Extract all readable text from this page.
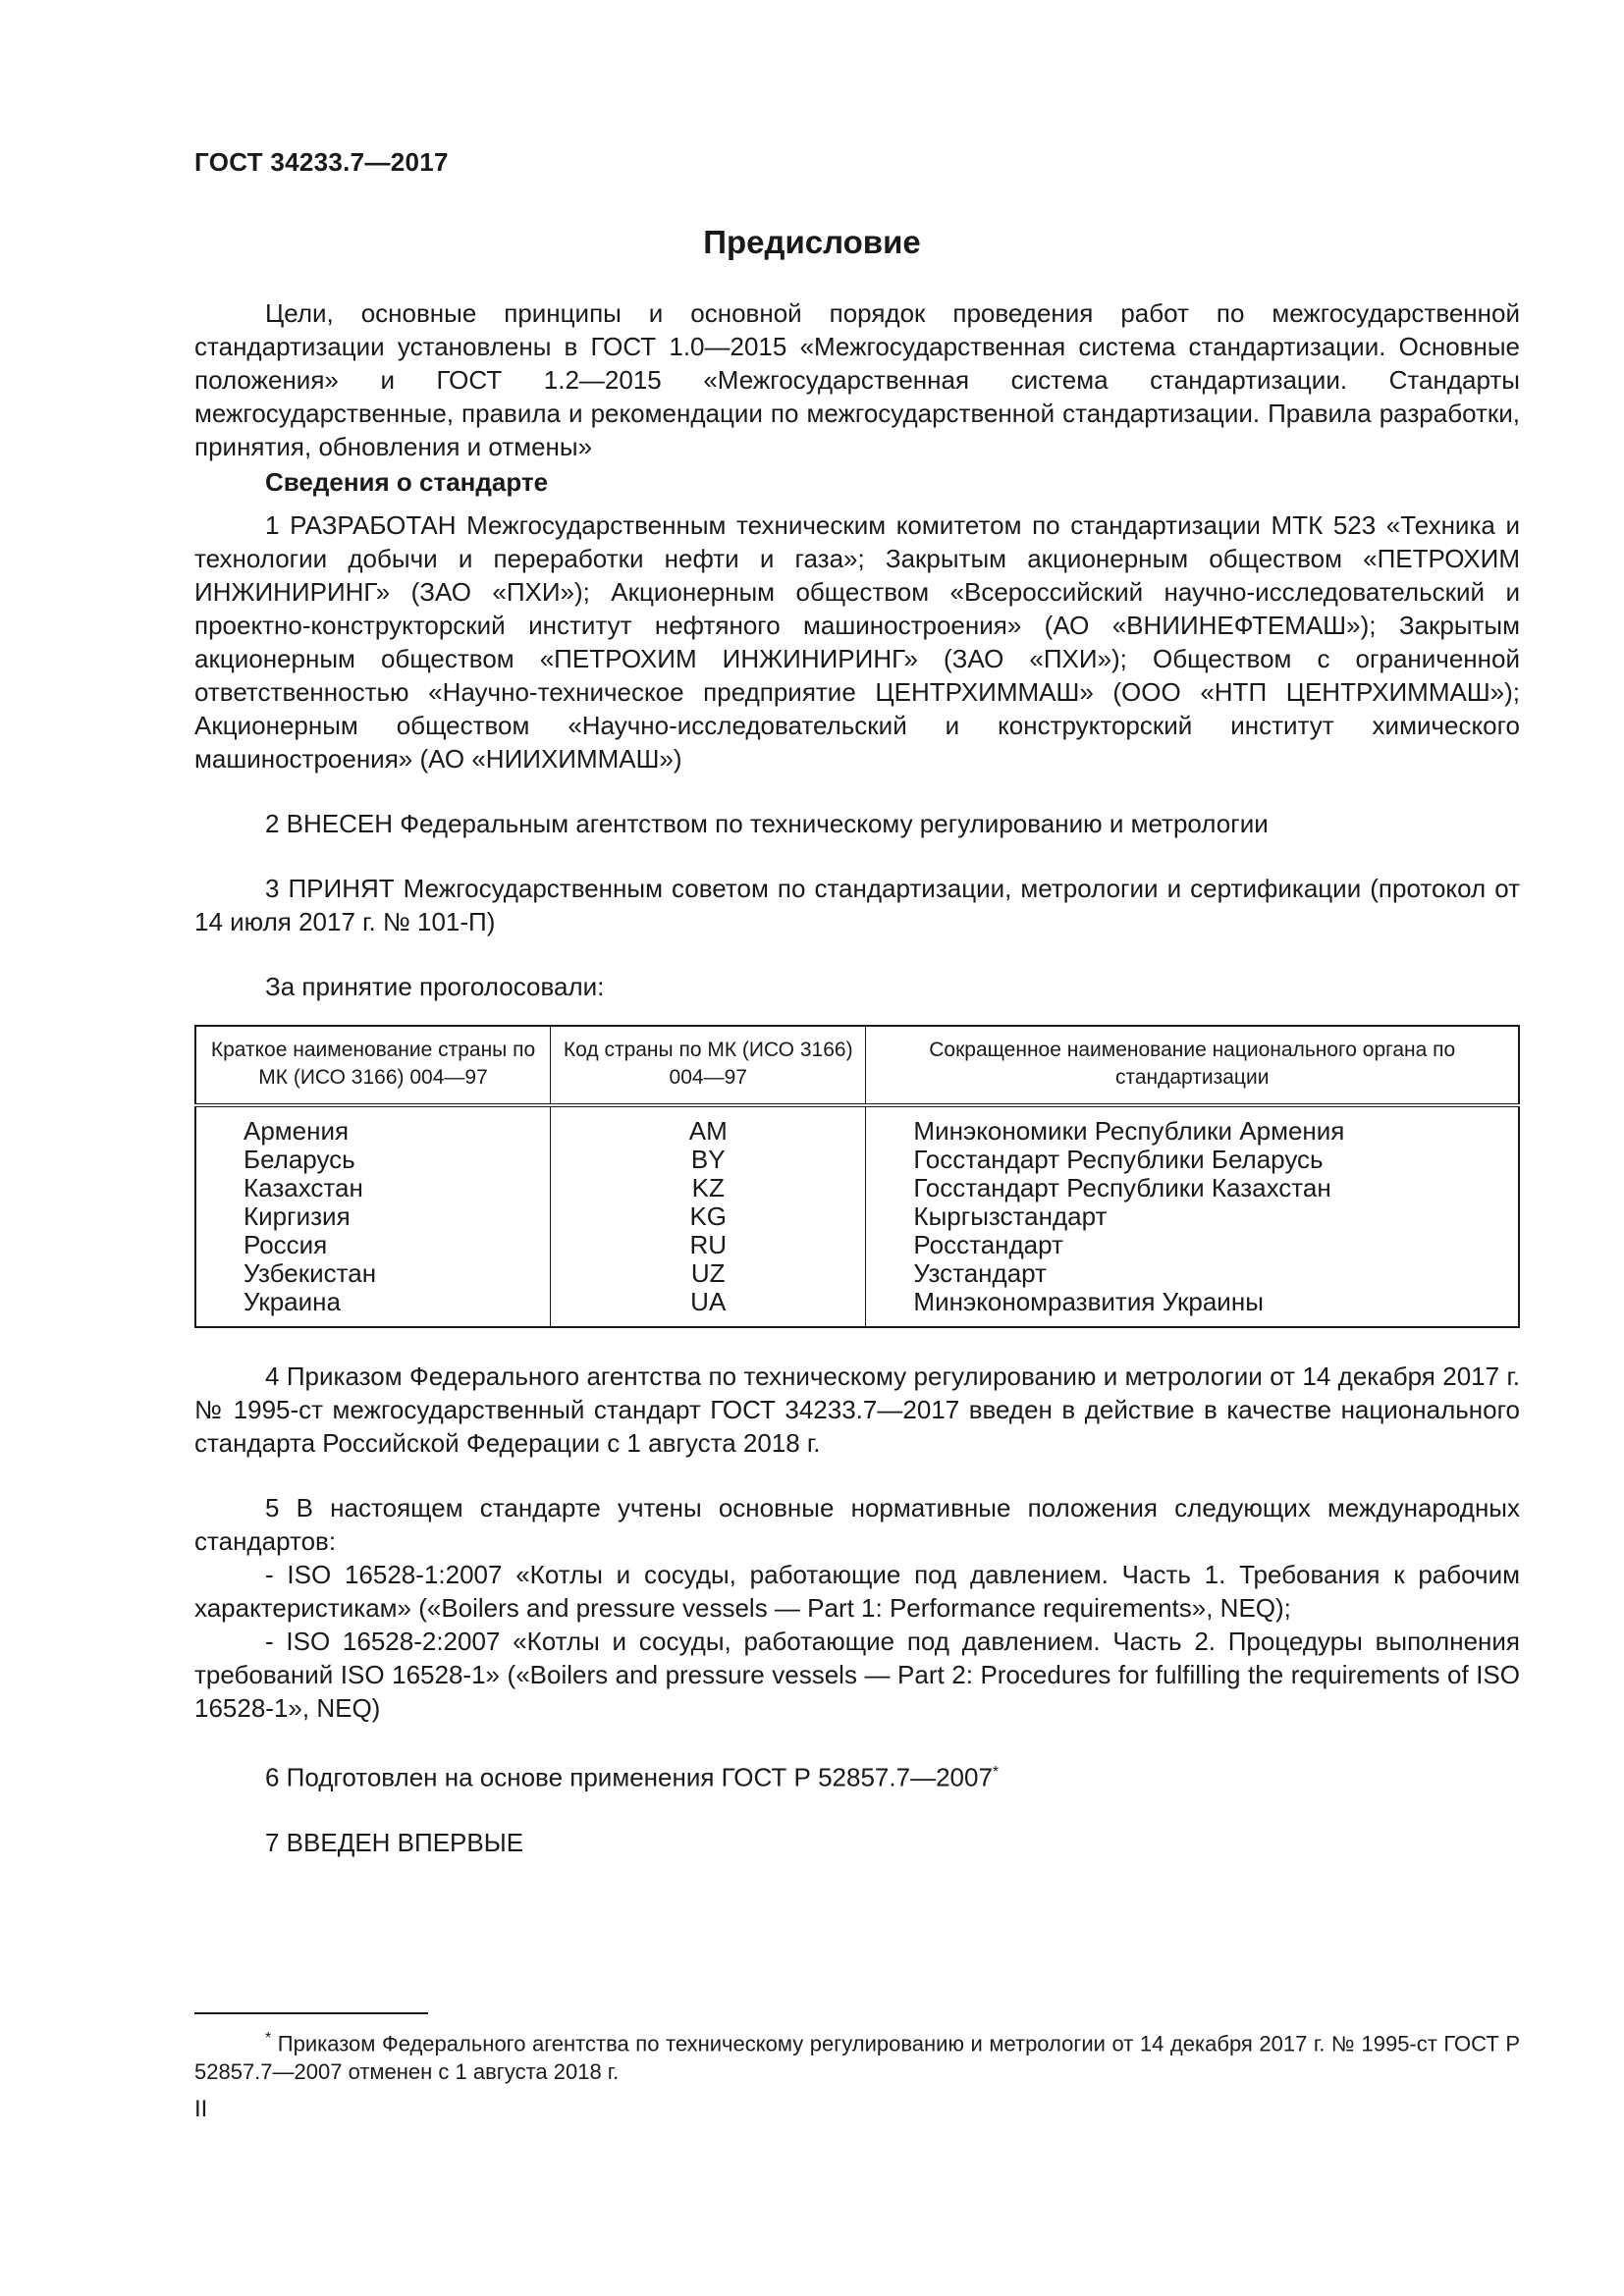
ГОСТ 34233.7—2017
Предисловие

Цели, основные принципы и основной порядок проведения работ по межгосударственной стандартизации установлены в ГОСТ 1.0—2015 «Межгосударственная система стандартизации. Основные положения» и ГОСТ 1.2—2015 «Межгосударственная система стандартизации. Стандарты межгосударственные, правила и рекомендации по межгосударственной стандартизации. Правила разработки, принятия, обновления и отмены»

Сведения о стандарте

1 РАЗРАБОТАН Межгосударственным техническим комитетом по стандартизации МТК 523 «Техника и технологии добычи и переработки нефти и газа»; Закрытым акционерным обществом «ПЕТРОХИМ ИНЖИНИРИНГ» (ЗАО «ПХИ»); Акционерным обществом «Всероссийский научно-исследовательский и проектно-конструкторский институт нефтяного машиностроения» (АО «ВНИИНЕФТЕМАШ»); Закрытым акционерным обществом «ПЕТРОХИМ ИНЖИНИРИНГ» (ЗАО «ПХИ»); Обществом с ограниченной ответственностью «Научно-техническое предприятие ЦЕНТРХИММАШ» (ООО «НТП ЦЕНТРХИММАШ»); Акционерным обществом «Научно-исследовательский и конструкторский институт химического машиностроения» (АО «НИИХИММАШ»)

2 ВНЕСЕН Федеральным агентством по техническому регулированию и метрологии

3 ПРИНЯТ Межгосударственным советом по стандартизации, метрологии и сертификации (протокол от 14 июля 2017 г. № 101-П)

За принятие проголосовали:

Краткое наименование страны по МК (ИСО 3166) 004—97	Код страны по МК (ИСО 3166) 004—97	Сокращенное наименование национального органа по стандартизации
Армения	AM	Минэкономики Республики Армения
Беларусь	BY	Госстандарт Республики Беларусь
Казахстан	KZ	Госстандарт Республики Казахстан
Киргизия	KG	Кыргызстандарт
Россия	RU	Росстандарт
Узбекистан	UZ	Узстандарт
Украина	UA	Минэкономразвития Украины

4 Приказом Федерального агентства по техническому регулированию и метрологии от 14 декабря 2017 г. № 1995-ст межгосударственный стандарт ГОСТ 34233.7—2017 введен в действие в качестве национального стандарта Российской Федерации с 1 августа 2018 г.

5 В настоящем стандарте учтены основные нормативные положения следующих международных стандартов:

- ISO 16528-1:2007 «Котлы и сосуды, работающие под давлением. Часть 1. Требования к рабочим характеристикам» («Boilers and pressure vessels — Part 1: Performance requirements», NEQ);

- ISO 16528-2:2007 «Котлы и сосуды, работающие под давлением. Часть 2. Процедуры выполнения требований ISO 16528-1» («Boilers and pressure vessels — Part 2: Procedures for fulfilling the requirements of ISO 16528-1», NEQ)

6 Подготовлен на основе применения ГОСТ Р 52857.7—2007*

7 ВВЕДЕН ВПЕРВЫЕ

* Приказом Федерального агентства по техническому регулированию и метрологии от 14 декабря 2017 г. № 1995-ст ГОСТ Р 52857.7—2007 отменен с 1 августа 2018 г.
II
